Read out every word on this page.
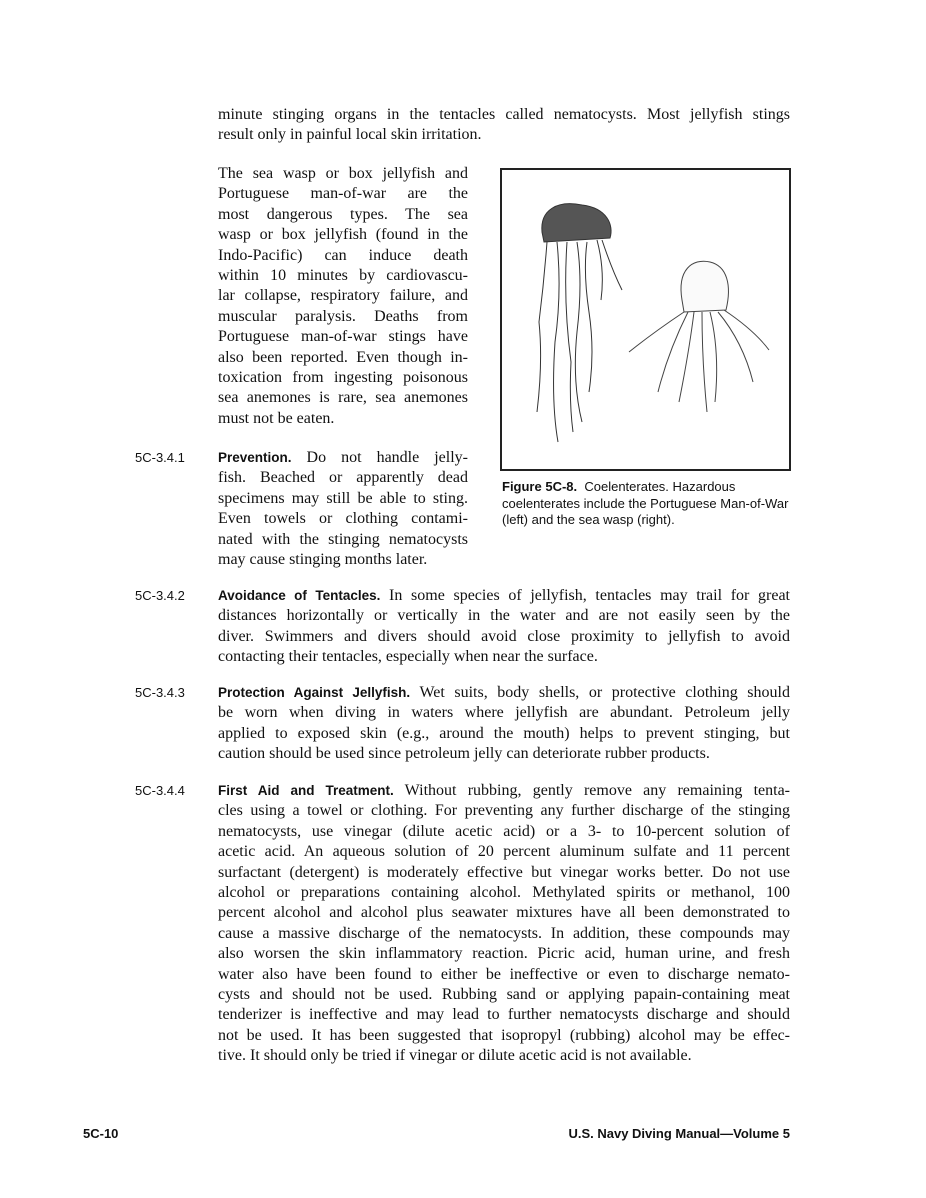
minute stinging organs in the tentacles called nematocysts. Most jellyfish stings
result only in painful local skin irritation.
The sea wasp or box jellyfish and
Portuguese man-of-war are the
most dangerous types. The sea
wasp or box jellyfish (found in the
Indo-Pacific) can induce death
within 10 minutes by cardiovascu-
lar collapse, respiratory failure, and
muscular paralysis. Deaths from
Portuguese man-of-war stings have
also been reported. Even though in-
toxication from ingesting poisonous
sea anemones is rare, sea anemones
must not be eaten.
Figure 5C-8. Coelenterates. Hazardous coelenterates include the Portuguese Man-of-War (left) and the sea wasp (right).
5C-3.4.1 Prevention. Do not handle jelly-
fish. Beached or apparently dead
specimens may still be able to sting.
Even towels or clothing contami-
nated with the stinging nematocysts
may cause stinging months later.
5C-3.4.2 Avoidance of Tentacles. In some species of jellyfish, tentacles may trail for great
distances horizontally or vertically in the water and are not easily seen by the
diver. Swimmers and divers should avoid close proximity to jellyfish to avoid
contacting their tentacles, especially when near the surface.
5C-3.4.3 Protection Against Jellyfish. Wet suits, body shells, or protective clothing should
be worn when diving in waters where jellyfish are abundant. Petroleum jelly
applied to exposed skin (e.g., around the mouth) helps to prevent stinging, but
caution should be used since petroleum jelly can deteriorate rubber products.
5C-3.4.4 First Aid and Treatment. Without rubbing, gently remove any remaining tenta-
cles using a towel or clothing. For preventing any further discharge of the stinging
nematocysts, use vinegar (dilute acetic acid) or a 3- to 10-percent solution of
acetic acid. An aqueous solution of 20 percent aluminum sulfate and 11 percent
surfactant (detergent) is moderately effective but vinegar works better. Do not use
alcohol or preparations containing alcohol. Methylated spirits or methanol, 100
percent alcohol and alcohol plus seawater mixtures have all been demonstrated to
cause a massive discharge of the nematocysts. In addition, these compounds may
also worsen the skin inflammatory reaction. Picric acid, human urine, and fresh
water also have been found to either be ineffective or even to discharge nemato-
cysts and should not be used. Rubbing sand or applying papain-containing meat
tenderizer is ineffective and may lead to further nematocysts discharge and should
not be used. It has been suggested that isopropyl (rubbing) alcohol may be effec-
tive. It should only be tried if vinegar or dilute acetic acid is not available.
5C-10	U.S. Navy Diving Manual—Volume 5
